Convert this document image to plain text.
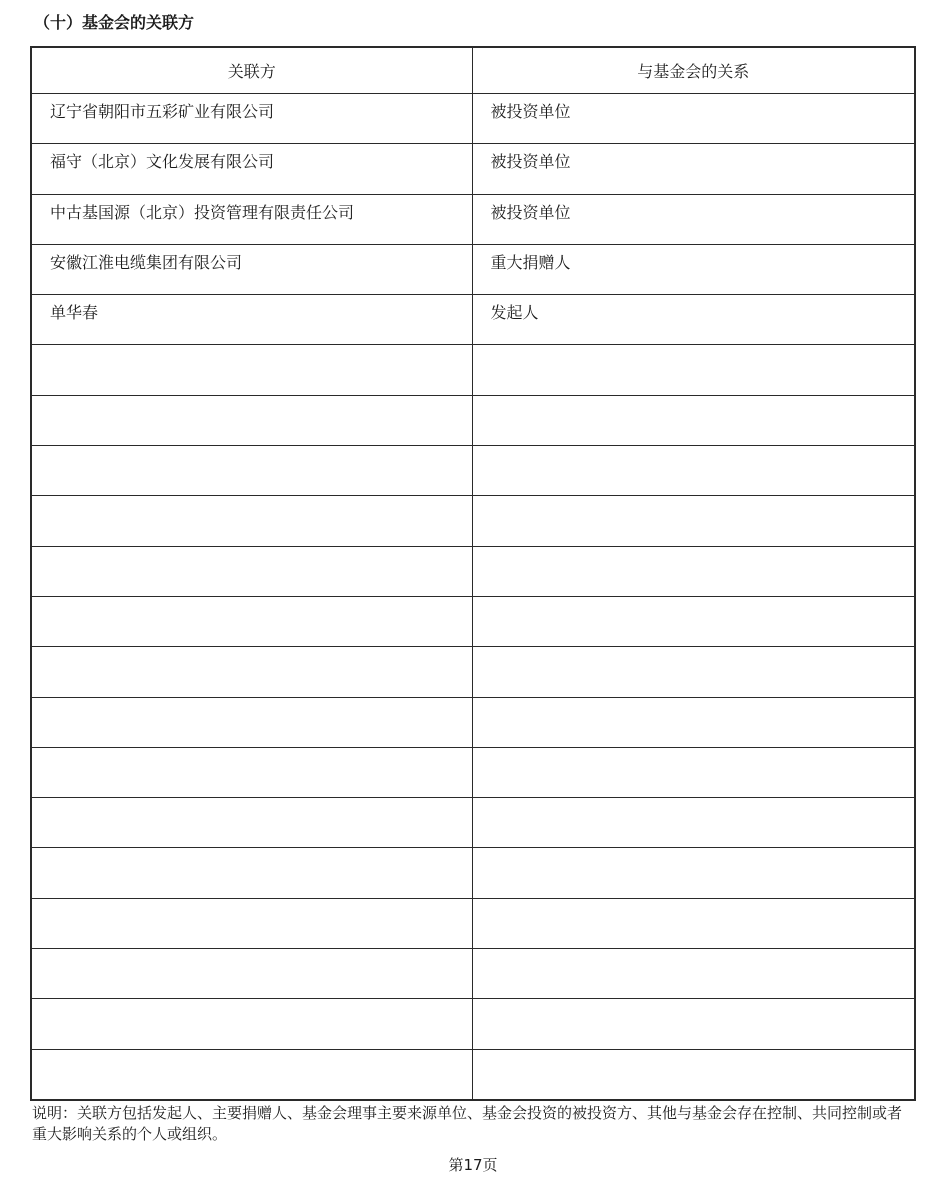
（十）基金会的关联方
关联方	与基金会的关系

辽宁省朝阳市五彩矿业有限公司	被投资单位

福守（北京）文化发展有限公司	被投资单位

中古基国源（北京）投资管理有限责任公司	被投资单位

安徽江淮电缆集团有限公司	重大捐赠人

单华春	发起人

说明：关联方包括发起人、主要捐赠人、基金会理事主要来源单位、基金会投资的被投资方、其他与基金会存在控制、共同控制或者重大影响关系的个人或组织。
第17页
